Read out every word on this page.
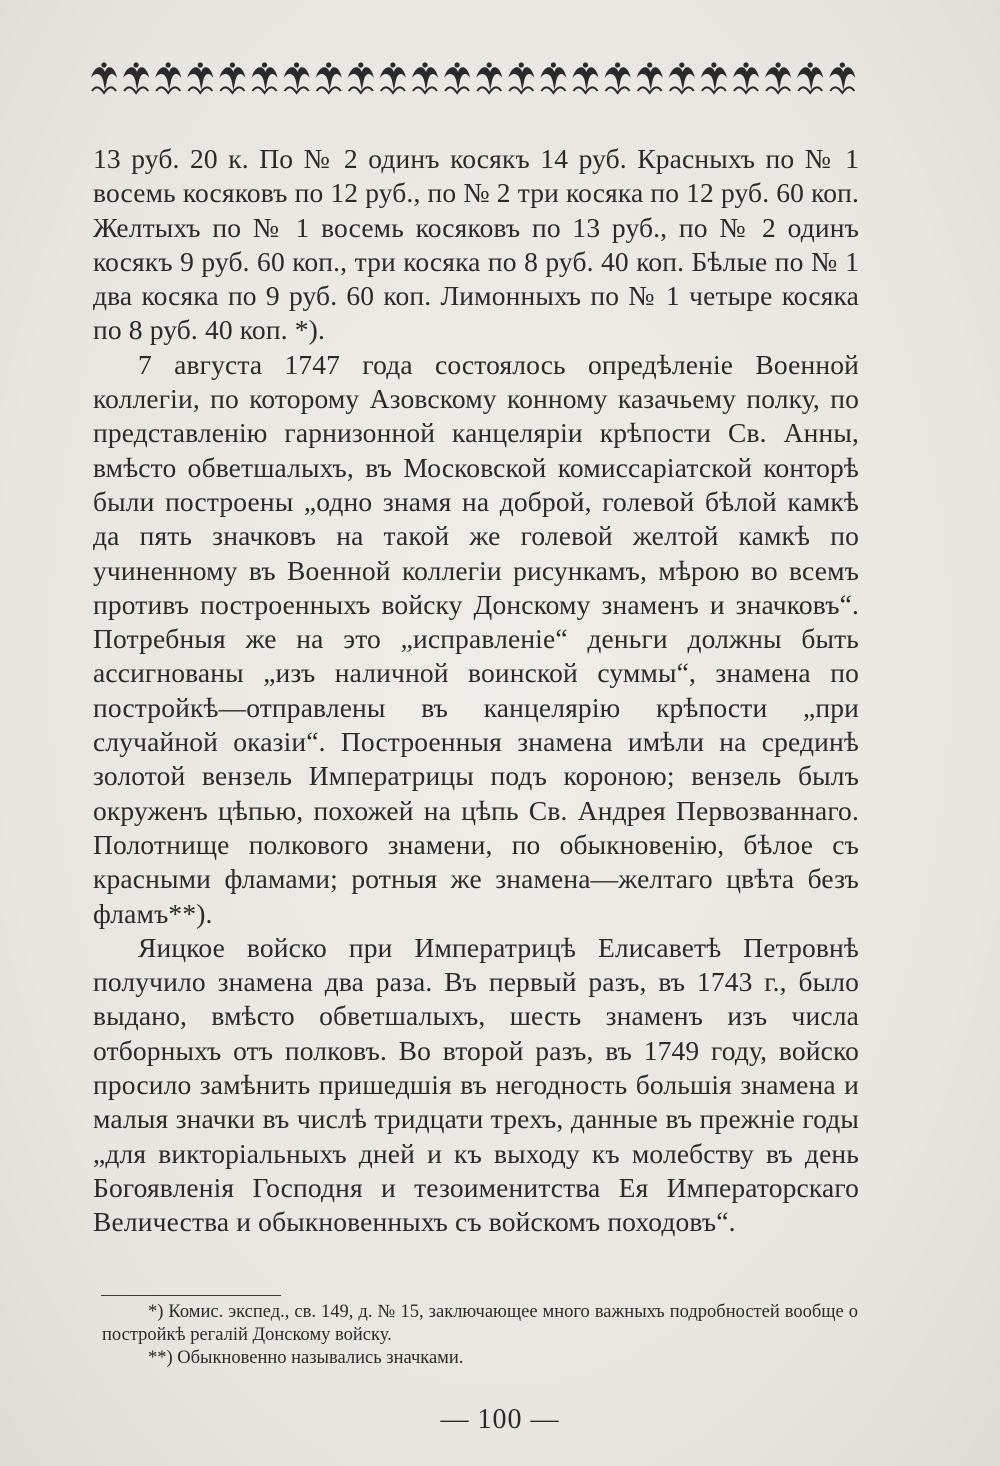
13 руб. 20 к. По № 2 одинъ косякъ 14 руб. Красныхъ по № 1 восемь косяковъ по 12 руб., по № 2 три косяка по 12 руб. 60 коп. Желтыхъ по № 1 восемь косяковъ по 13 руб., по № 2 одинъ косякъ 9 руб. 60 коп., три косяка по 8 руб. 40 коп. Бѣлые по № 1 два косяка по 9 руб. 60 коп. Лимонныхъ по № 1 четыре косяка по 8 руб. 40 коп. *).

7 августа 1747 года состоялось опредѣленіе Военной коллегіи, по которому Азовскому конному казачьему полку, по представленію гарнизонной канцеляріи крѣпости Св. Анны, вмѣсто обветшалыхъ, въ Московской комиссаріатской конторѣ были построены „одно знамя на доброй, голевой бѣлой камкѣ да пять значковъ на такой же голевой желтой камкѣ по учиненному въ Военной коллегіи рисункамъ, мѣрою во всемъ противъ построенныхъ войску Донскому знаменъ и значковъ“. Потребныя же на это „исправленіе“ деньги должны быть ассигнованы „изъ наличной воинской суммы“, знамена по постройкѣ—отправлены въ канцелярію крѣпости „при случайной оказіи“. Построенныя знамена имѣли на срединѣ золотой вензель Императрицы подъ короною; вензель былъ окруженъ цѣпью, похожей на цѣпь Св. Андрея Первозваннаго. Полотнище полкового знамени, по обыкновенію, бѣлое съ красными фламами; ротныя же знамена—желтаго цвѣта безъ фламъ**).

Яицкое войско при Императрицѣ Елисаветѣ Петровнѣ получило знамена два раза. Въ первый разъ, въ 1743 г., было выдано, вмѣсто обветшалыхъ, шесть знаменъ изъ числа отборныхъ отъ полковъ. Во второй разъ, въ 1749 году, войско просило замѣнить пришедшія въ негодность большія знамена и малыя значки въ числѣ тридцати трехъ, данные въ прежніе годы „для викторіальныхъ дней и къ выходу къ молебству въ день Богоявленія Господня и тезоименитства Ея Императорскаго Величества и обыкновенныхъ съ войскомъ походовъ“.

*) Комис. экспед., св. 149, д. № 15, заключающее много важныхъ подробностей вообще о постройкѣ регалій Донскому войску.

**) Обыкновенно назывались значками.

— 100 —
